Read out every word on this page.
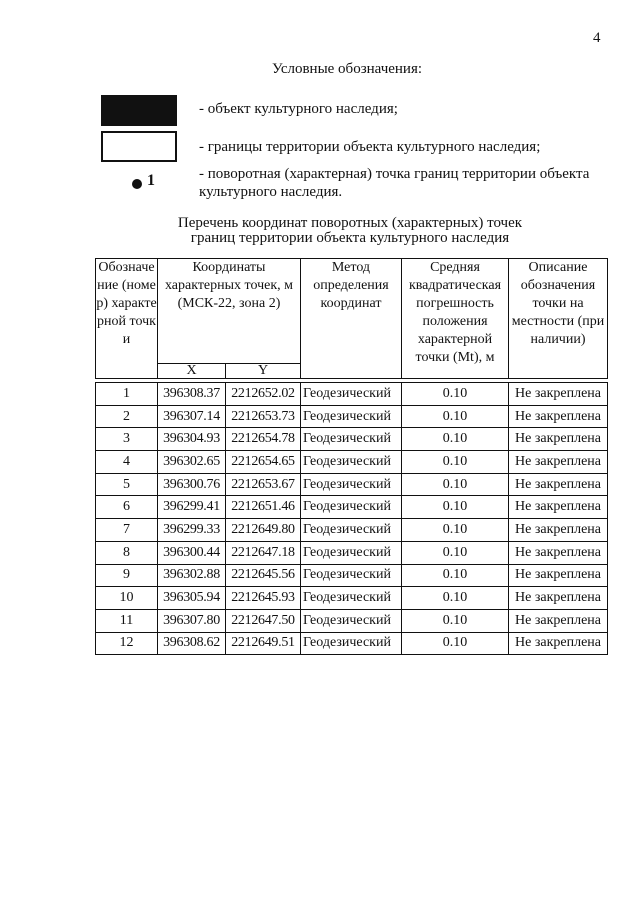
4
Условные обозначения:
- объект культурного наследия;
- границы территории объекта культурного наследия;
1	- поворотная (характерная) точка границ территории объекта культурного наследия.
Перечень координат поворотных (характерных) точек
границ территории объекта культурного наследия
Обозначение (номер) характерной точки	Координаты характерных точек, м (МСК-22, зона 2)		Метод определения координат	Средняя квадратическая погрешность положения характерной точки (Mt), м	Описание обозначения точки на местности (при наличии)
	X	Y			

1	396308.37	2212652.02	Геодезический	0.10	Не закреплена
2	396307.14	2212653.73	Геодезический	0.10	Не закреплена
3	396304.93	2212654.78	Геодезический	0.10	Не закреплена
4	396302.65	2212654.65	Геодезический	0.10	Не закреплена
5	396300.76	2212653.67	Геодезический	0.10	Не закреплена
6	396299.41	2212651.46	Геодезический	0.10	Не закреплена
7	396299.33	2212649.80	Геодезический	0.10	Не закреплена
8	396300.44	2212647.18	Геодезический	0.10	Не закреплена
9	396302.88	2212645.56	Геодезический	0.10	Не закреплена
10	396305.94	2212645.93	Геодезический	0.10	Не закреплена
11	396307.80	2212647.50	Геодезический	0.10	Не закреплена
12	396308.62	2212649.51	Геодезический	0.10	Не закреплена
